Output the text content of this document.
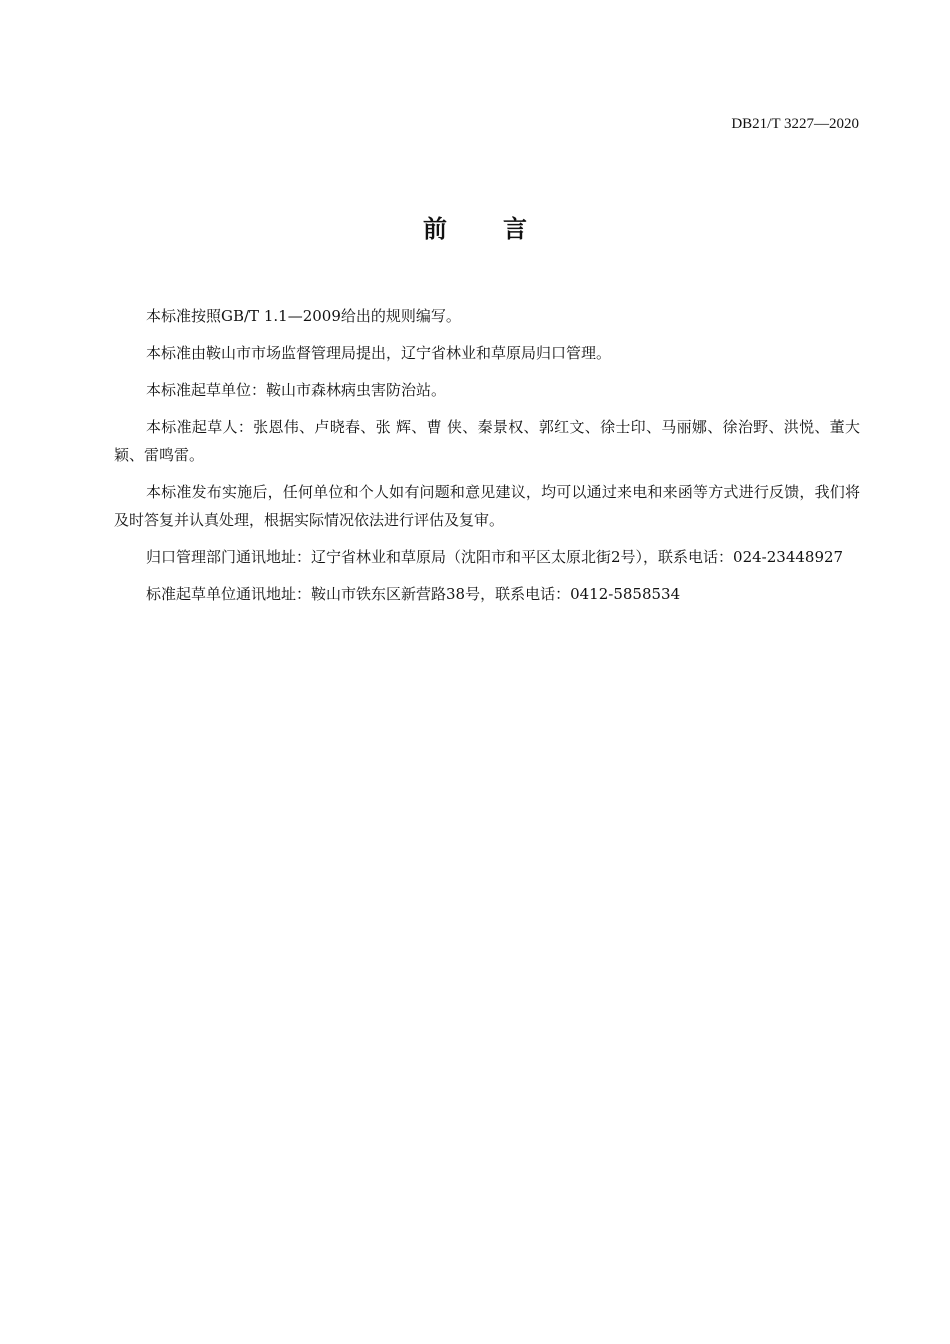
DB21/T 3227—2020
前 言

本标准按照GB/T 1.1—2009给出的规则编写。

本标准由鞍山市市场监督管理局提出，辽宁省林业和草原局归口管理。

本标准起草单位：鞍山市森林病虫害防治站。

本标准起草人：张恩伟、卢晓春、张 辉、曹 侠、秦景权、郭红文、徐士印、马丽娜、徐治野、洪悦、董大颖、雷鸣雷。

本标准发布实施后，任何单位和个人如有问题和意见建议，均可以通过来电和来函等方式进行反馈，我们将及时答复并认真处理，根据实际情况依法进行评估及复审。

归口管理部门通讯地址：辽宁省林业和草原局（沈阳市和平区太原北街2号），联系电话：024-23448927

标准起草单位通讯地址：鞍山市铁东区新营路38号，联系电话：0412-5858534
